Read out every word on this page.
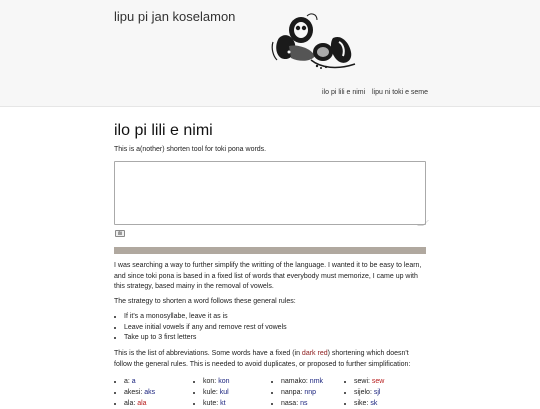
lipu pi jan koselamon
ilo pi lili e nimi lipu ni toki e seme
ilo pi lili e nimi
This is a(nother) shorten tool for toki pona words.
ilii

I was searching a way to further simplify the writting of the language. I wanted it to be easy to learn, and since toki pona is based in a fixed list of words that everybody must memorize, I came up with this strategy, based mainy in the removal of vowels.

The strategy to shorten a word follows these general rules:

• If it's a monosyllabe, leave it as is
• Leave initial vowels if any and remove rest of vowels
• Take up to 3 first letters

This is the list of abbreviations. Some words have a fixed (in dark red) shortening which doesn't follow the general rules. This is needed to avoid duplicates, or proposed to further simplification:

• a: a
• akesi: aks
• ala: ala
• kon: kon
• kule: kul
• kute: kt
• namako: nmk
• nanpa: nnp
• nasa: ns
• sewi: sew
• sijelo: sjl
• sike: sk
